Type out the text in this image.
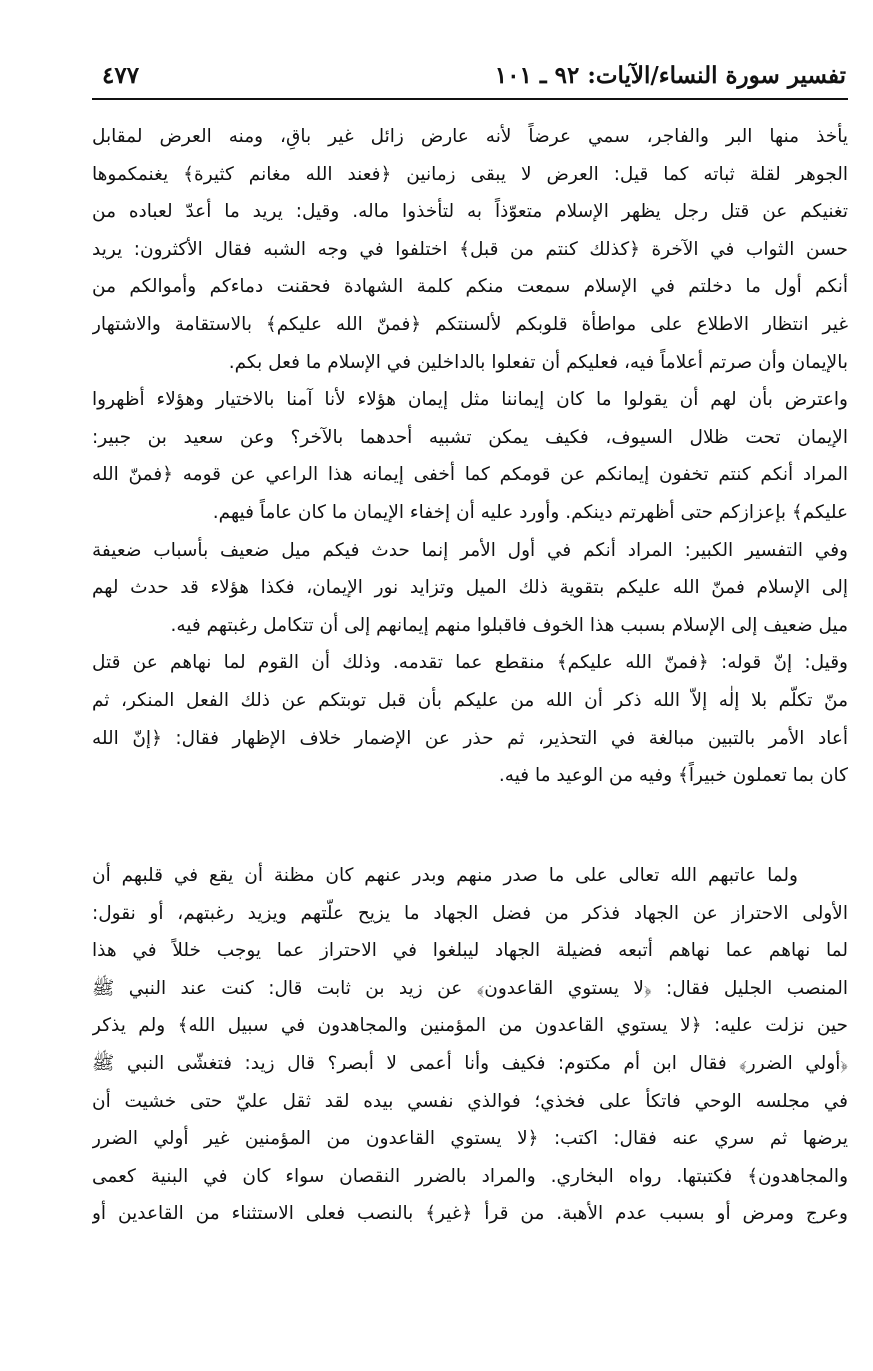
تفسير سورة النساء/الآيات: ٩٢ ـ ١٠١
٤٧٧
يأخذ منها البر والفاجر، سمي عرضاً لأنه عارض زائل غير باقِ، ومنه العرض لمقابل
الجوهر لقلة ثباته كما قيل: العرض لا يبقى زمانين ﴿فعند الله مغانم كثيرة﴾ يغنمكموها
تغنيكم عن قتل رجل يظهر الإسلام متعوّذاً به لتأخذوا ماله. وقيل: يريد ما أعدّ لعباده من
حسن الثواب في الآخرة ﴿كذلك كنتم من قبل﴾ اختلفوا في وجه الشبه فقال الأكثرون: يريد
أنكم أول ما دخلتم في الإسلام سمعت منكم كلمة الشهادة فحقنت دماءكم وأموالكم من
غير انتظار الاطلاع على مواطأة قلوبكم لألسنتكم ﴿فمنّ الله عليكم﴾ بالاستقامة والاشتهار
بالإيمان وأن صرتم أعلاماً فيه، فعليكم أن تفعلوا بالداخلين في الإسلام ما فعل بكم.
واعترض بأن لهم أن يقولوا ما كان إيماننا مثل إيمان هؤلاء لأنا آمنا بالاختيار وهؤلاء أظهروا
الإيمان تحت ظلال السيوف، فكيف يمكن تشبيه أحدهما بالآخر؟ وعن سعيد بن جبير:
المراد أنكم كنتم تخفون إيمانكم عن قومكم كما أخفى إيمانه هذا الراعي عن قومه ﴿فمنّ الله
عليكم﴾ بإعزازكم حتى أظهرتم دينكم. وأورد عليه أن إخفاء الإيمان ما كان عاماً فيهم.
وفي التفسير الكبير: المراد أنكم في أول الأمر إنما حدث فيكم ميل ضعيف بأسباب ضعيفة
إلى الإسلام فمنّ الله عليكم بتقوية ذلك الميل وتزايد نور الإيمان، فكذا هؤلاء قد حدث لهم
ميل ضعيف إلى الإسلام بسبب هذا الخوف فاقبلوا منهم إيمانهم إلى أن تتكامل رغبتهم فيه.
وقيل: إنّ قوله: ﴿فمنّ الله عليكم﴾ منقطع عما تقدمه. وذلك أن القوم لما نهاهم عن قتل
منّ تكلّم بلا إلٰه إلاّ الله ذكر أن الله من عليكم بأن قبل توبتكم عن ذلك الفعل المنكر، ثم
أعاد الأمر بالتبين مبالغة في التحذير، ثم حذر عن الإضمار خلاف الإظهار فقال: ﴿إنّ الله
كان بما تعملون خبيراً﴾ وفيه من الوعيد ما فيه.
ولما عاتبهم الله تعالى على ما صدر منهم وبدر عنهم كان مظنة أن يقع في قلبهم أن
الأولى الاحتراز عن الجهاد فذكر من فضل الجهاد ما يزيح علّتهم ويزيد رغبتهم، أو نقول:
لما نهاهم عما نهاهم أتبعه فضيلة الجهاد ليبلغوا في الاحتراز عما يوجب خللاً في هذا
المنصب الجليل فقال: ﴿لا يستوي القاعدون﴾ عن زيد بن ثابت قال: كنت عند النبي ﷺ
حين نزلت عليه: ﴿لا يستوي القاعدون من المؤمنين والمجاهدون في سبيل الله﴾ ولم يذكر
﴿أولي الضرر﴾ فقال ابن أم مكتوم: فكيف وأنا أعمى لا أبصر؟ قال زيد: فتغشّى النبي ﷺ
في مجلسه الوحي فاتكأ على فخذي؛ فوالذي نفسي بيده لقد ثقل عليّ حتى خشيت أن
يرضها ثم سري عنه فقال: اكتب: ﴿لا يستوي القاعدون من المؤمنين غير أولي الضرر
والمجاهدون﴾ فكتبتها. رواه البخاري. والمراد بالضرر النقصان سواء كان في البنية كعمى
وعرج ومرض أو بسبب عدم الأهبة. من قرأ ﴿غير﴾ بالنصب فعلى الاستثناء من القاعدين أو
